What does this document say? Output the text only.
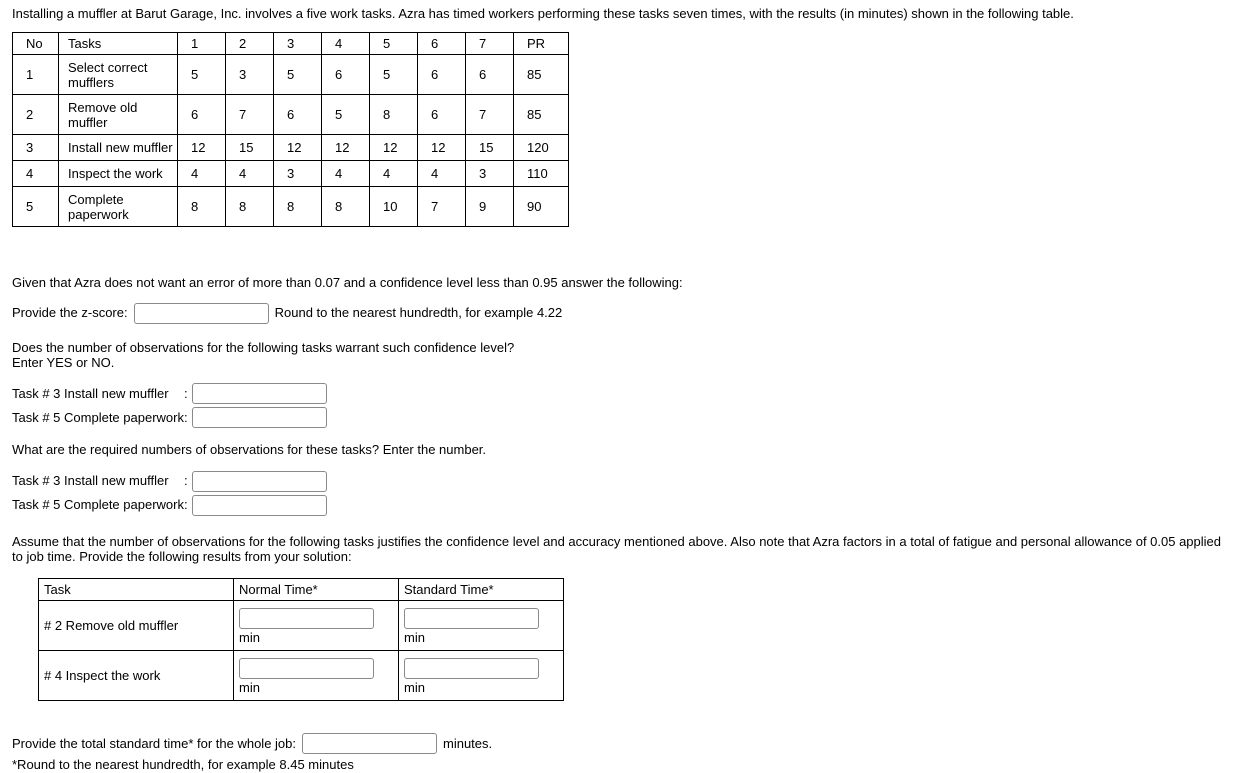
Installing a muffler at Barut Garage, Inc. involves a five work tasks. Azra has timed workers performing these tasks seven times, with the results (in minutes) shown in the following table.

No	Tasks	1	2	3	4	5	6	7	PR
1	Select correct mufflers	5	3	5	6	5	6	6	85
2	Remove old muffler	6	7	6	5	8	6	7	85
3	Install new muffler	12	15	12	12	12	12	15	120
4	Inspect the work	4	4	3	4	4	4	3	110
5	Complete paperwork	8	8	8	8	10	7	9	90

Given that Azra does not want an error of more than 0.07 and a confidence level less than 0.95 answer the following:

Provide the z-score:	Round to the nearest hundredth, for example 4.22
Does the number of observations for the following tasks warrant such confidence level?
Enter YES or NO.
Task # 3 Install new muffler	:
Task # 5 Complete paperwork :

What are the required numbers of observations for these tasks? Enter the number.

Task # 3 Install new muffler	:
Task # 5 Complete paperwork :

Assume that the number of observations for the following tasks justifies the confidence level and accuracy mentioned above. Also note that Azra factors in a total of fatigue and personal allowance of 0.05 applied to job time. Provide the following results from your solution:

Task	Normal Time*	Standard Time*
# 2 Remove old muffler	min	min

# 4 Inspect the work	min	min
Provide the total standard time* for the whole job:	minutes.

*Round to the nearest hundredth, for example 8.45 minutes
